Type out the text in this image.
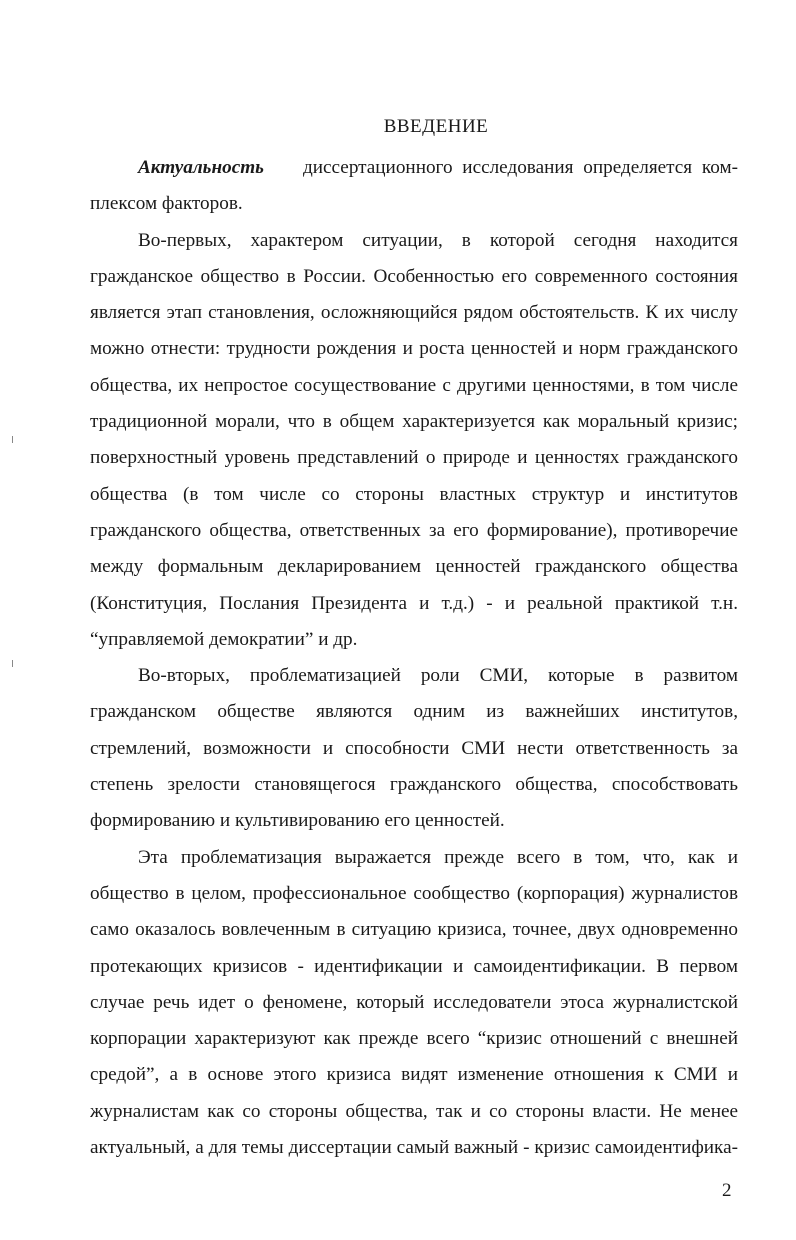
ВВЕДЕНИЕ
Актуальность диссертационного исследования определяется ком-
плексом факторов.
Во-первых, характером ситуации, в которой сегодня находится
гражданское общество в России. Особенностью его современного состояния
является этап становления, осложняющийся рядом обстоятельств. К их числу
можно отнести: трудности рождения и роста ценностей и норм гражданского
общества, их непростое сосуществование с другими ценностями, в том числе
традиционной морали, что в общем характеризуется как моральный кризис;
поверхностный уровень представлений о природе и ценностях гражданского
общества (в том числе со стороны властных структур и институтов
гражданского общества, ответственных за его формирование), противоречие
между формальным декларированием ценностей гражданского общества
(Конституция, Послания Президента и т.д.) - и реальной практикой т.н.
“управляемой демократии” и др.
Во-вторых, проблематизацией роли СМИ, которые в развитом
гражданском обществе являются одним из важнейших институтов,
стремлений, возможности и способности СМИ нести ответственность за
степень зрелости становящегося гражданского общества, способствовать
формированию и культивированию его ценностей.
Эта проблематизация выражается прежде всего в том, что, как и
общество в целом, профессиональное сообщество (корпорация) журналистов
само оказалось вовлеченным в ситуацию кризиса, точнее, двух одновременно
протекающих кризисов - идентификации и самоидентификации. В первом
случае речь идет о феномене, который исследователи этоса журналистской
корпорации характеризуют как прежде всего “кризис отношений с внешней
средой”, а в основе этого кризиса видят изменение отношения к СМИ и
журналистам как со стороны общества, так и со стороны власти. Не менее
актуальный, а для темы диссертации самый важный - кризис самоидентифика-
2
